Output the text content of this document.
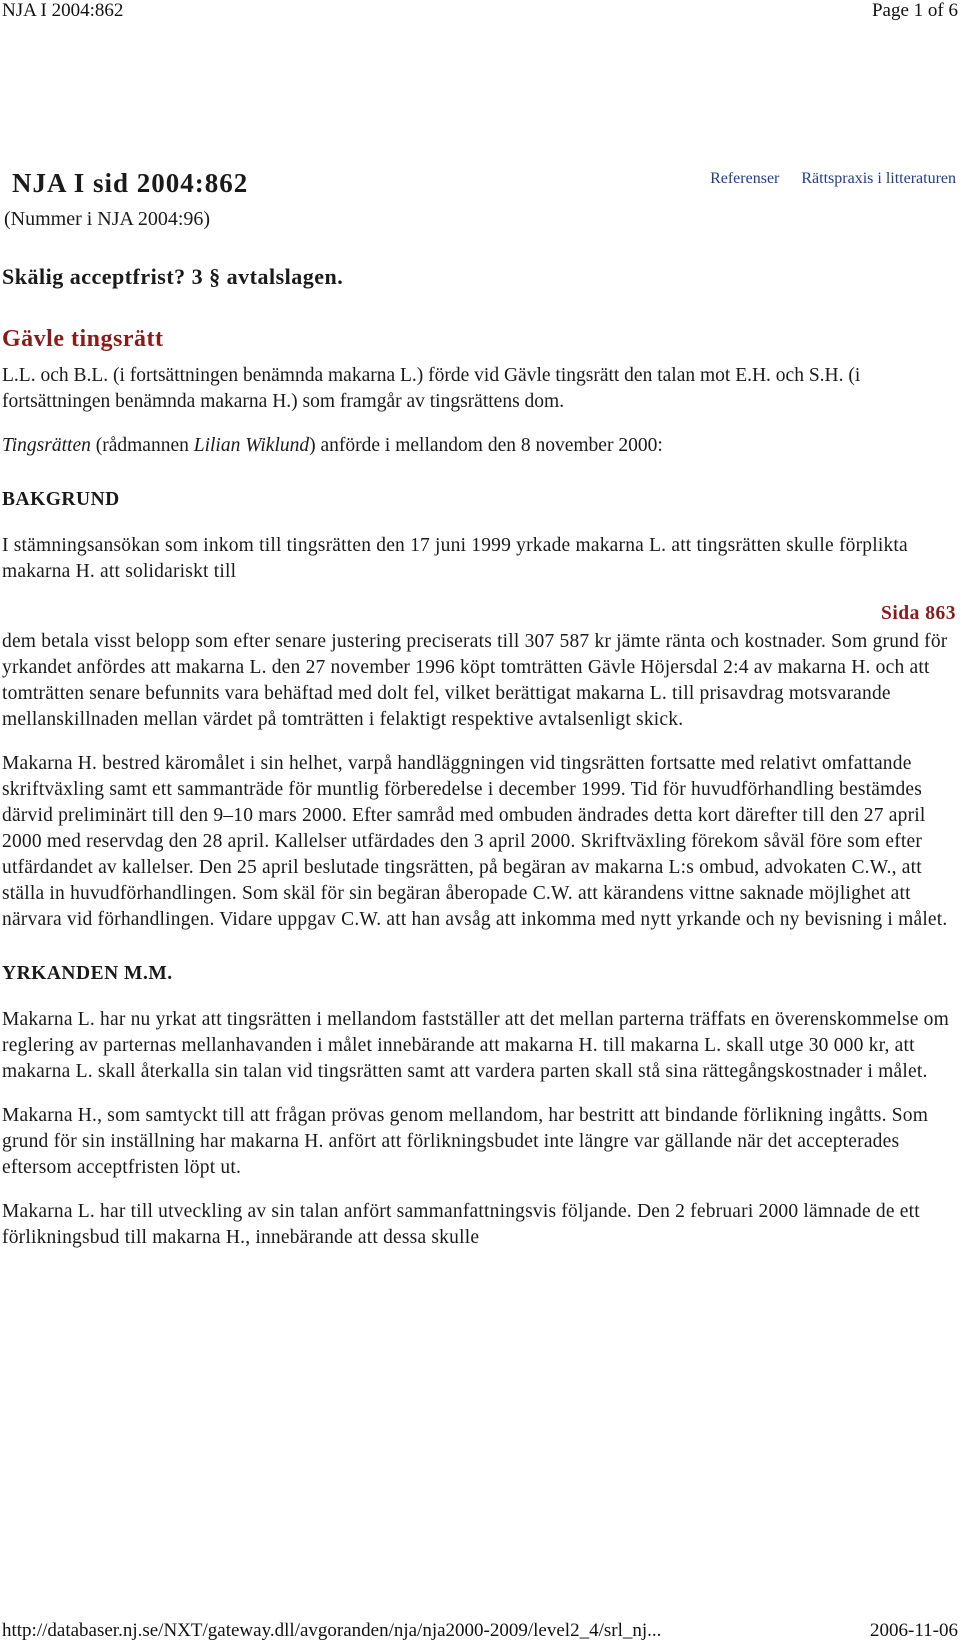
NJA I 2004:862	Page 1 of 6
NJA I sid 2004:862
(Nummer i NJA 2004:96)
Referenser Rättspraxis i litteraturen
Skälig acceptfrist? 3 § avtalslagen.
Gävle tingsrätt

L.L. och B.L. (i fortsättningen benämnda makarna L.) förde vid Gävle tingsrätt den talan mot E.H. och S.H. (i fortsättningen benämnda makarna H.) som framgår av tingsrättens dom.

Tingsrätten (rådmannen Lilian Wiklund) anförde i mellandom den 8 november 2000:

BAKGRUND

I stämningsansökan som inkom till tingsrätten den 17 juni 1999 yrkade makarna L. att tingsrätten skulle förplikta makarna H. att solidariskt till

Sida 863

dem betala visst belopp som efter senare justering preciserats till 307 587 kr jämte ränta och kostnader. Som grund för yrkandet anfördes att makarna L. den 27 november 1996 köpt tomträtten Gävle Höjersdal 2:4 av makarna H. och att tomträtten senare befunnits vara behäftad med dolt fel, vilket berättigat makarna L. till prisavdrag motsvarande mellanskillnaden mellan värdet på tomträtten i felaktigt respektive avtalsenligt skick.

Makarna H. bestred käromålet i sin helhet, varpå handläggningen vid tingsrätten fortsatte med relativt omfattande skriftväxling samt ett sammanträde för muntlig förberedelse i december 1999. Tid för huvudförhandling bestämdes därvid preliminärt till den 9–10 mars 2000. Efter samråd med ombuden ändrades detta kort därefter till den 27 april 2000 med reservdag den 28 april. Kallelser utfärdades den 3 april 2000. Skriftväxling förekom såväl före som efter utfärdandet av kallelser. Den 25 april beslutade tingsrätten, på begäran av makarna L:s ombud, advokaten C.W., att ställa in huvudförhandlingen. Som skäl för sin begäran åberopade C.W. att kärandens vittne saknade möjlighet att närvara vid förhandlingen. Vidare uppgav C.W. att han avsåg att inkomma med nytt yrkande och ny bevisning i målet.

YRKANDEN M.M.

Makarna L. har nu yrkat att tingsrätten i mellandom fastställer att det mellan parterna träffats en överenskommelse om reglering av parternas mellanhavanden i målet innebärande att makarna H. till makarna L. skall utge 30 000 kr, att makarna L. skall återkalla sin talan vid tingsrätten samt att vardera parten skall stå sina rättegångskostnader i målet.

Makarna H., som samtyckt till att frågan prövas genom mellandom, har bestritt att bindande förlikning ingåtts. Som grund för sin inställning har makarna H. anfört att förlikningsbudet inte längre var gällande när det accepterades eftersom acceptfristen löpt ut.

Makarna L. har till utveckling av sin talan anfört sammanfattningsvis följande. Den 2 februari 2000 lämnade de ett förlikningsbud till makarna H., innebärande att dessa skulle

http://databaser.nj.se/NXT/gateway.dll/avgoranden/nja/nja2000-2009/level2_4/srl_nj...	2006-11-06
